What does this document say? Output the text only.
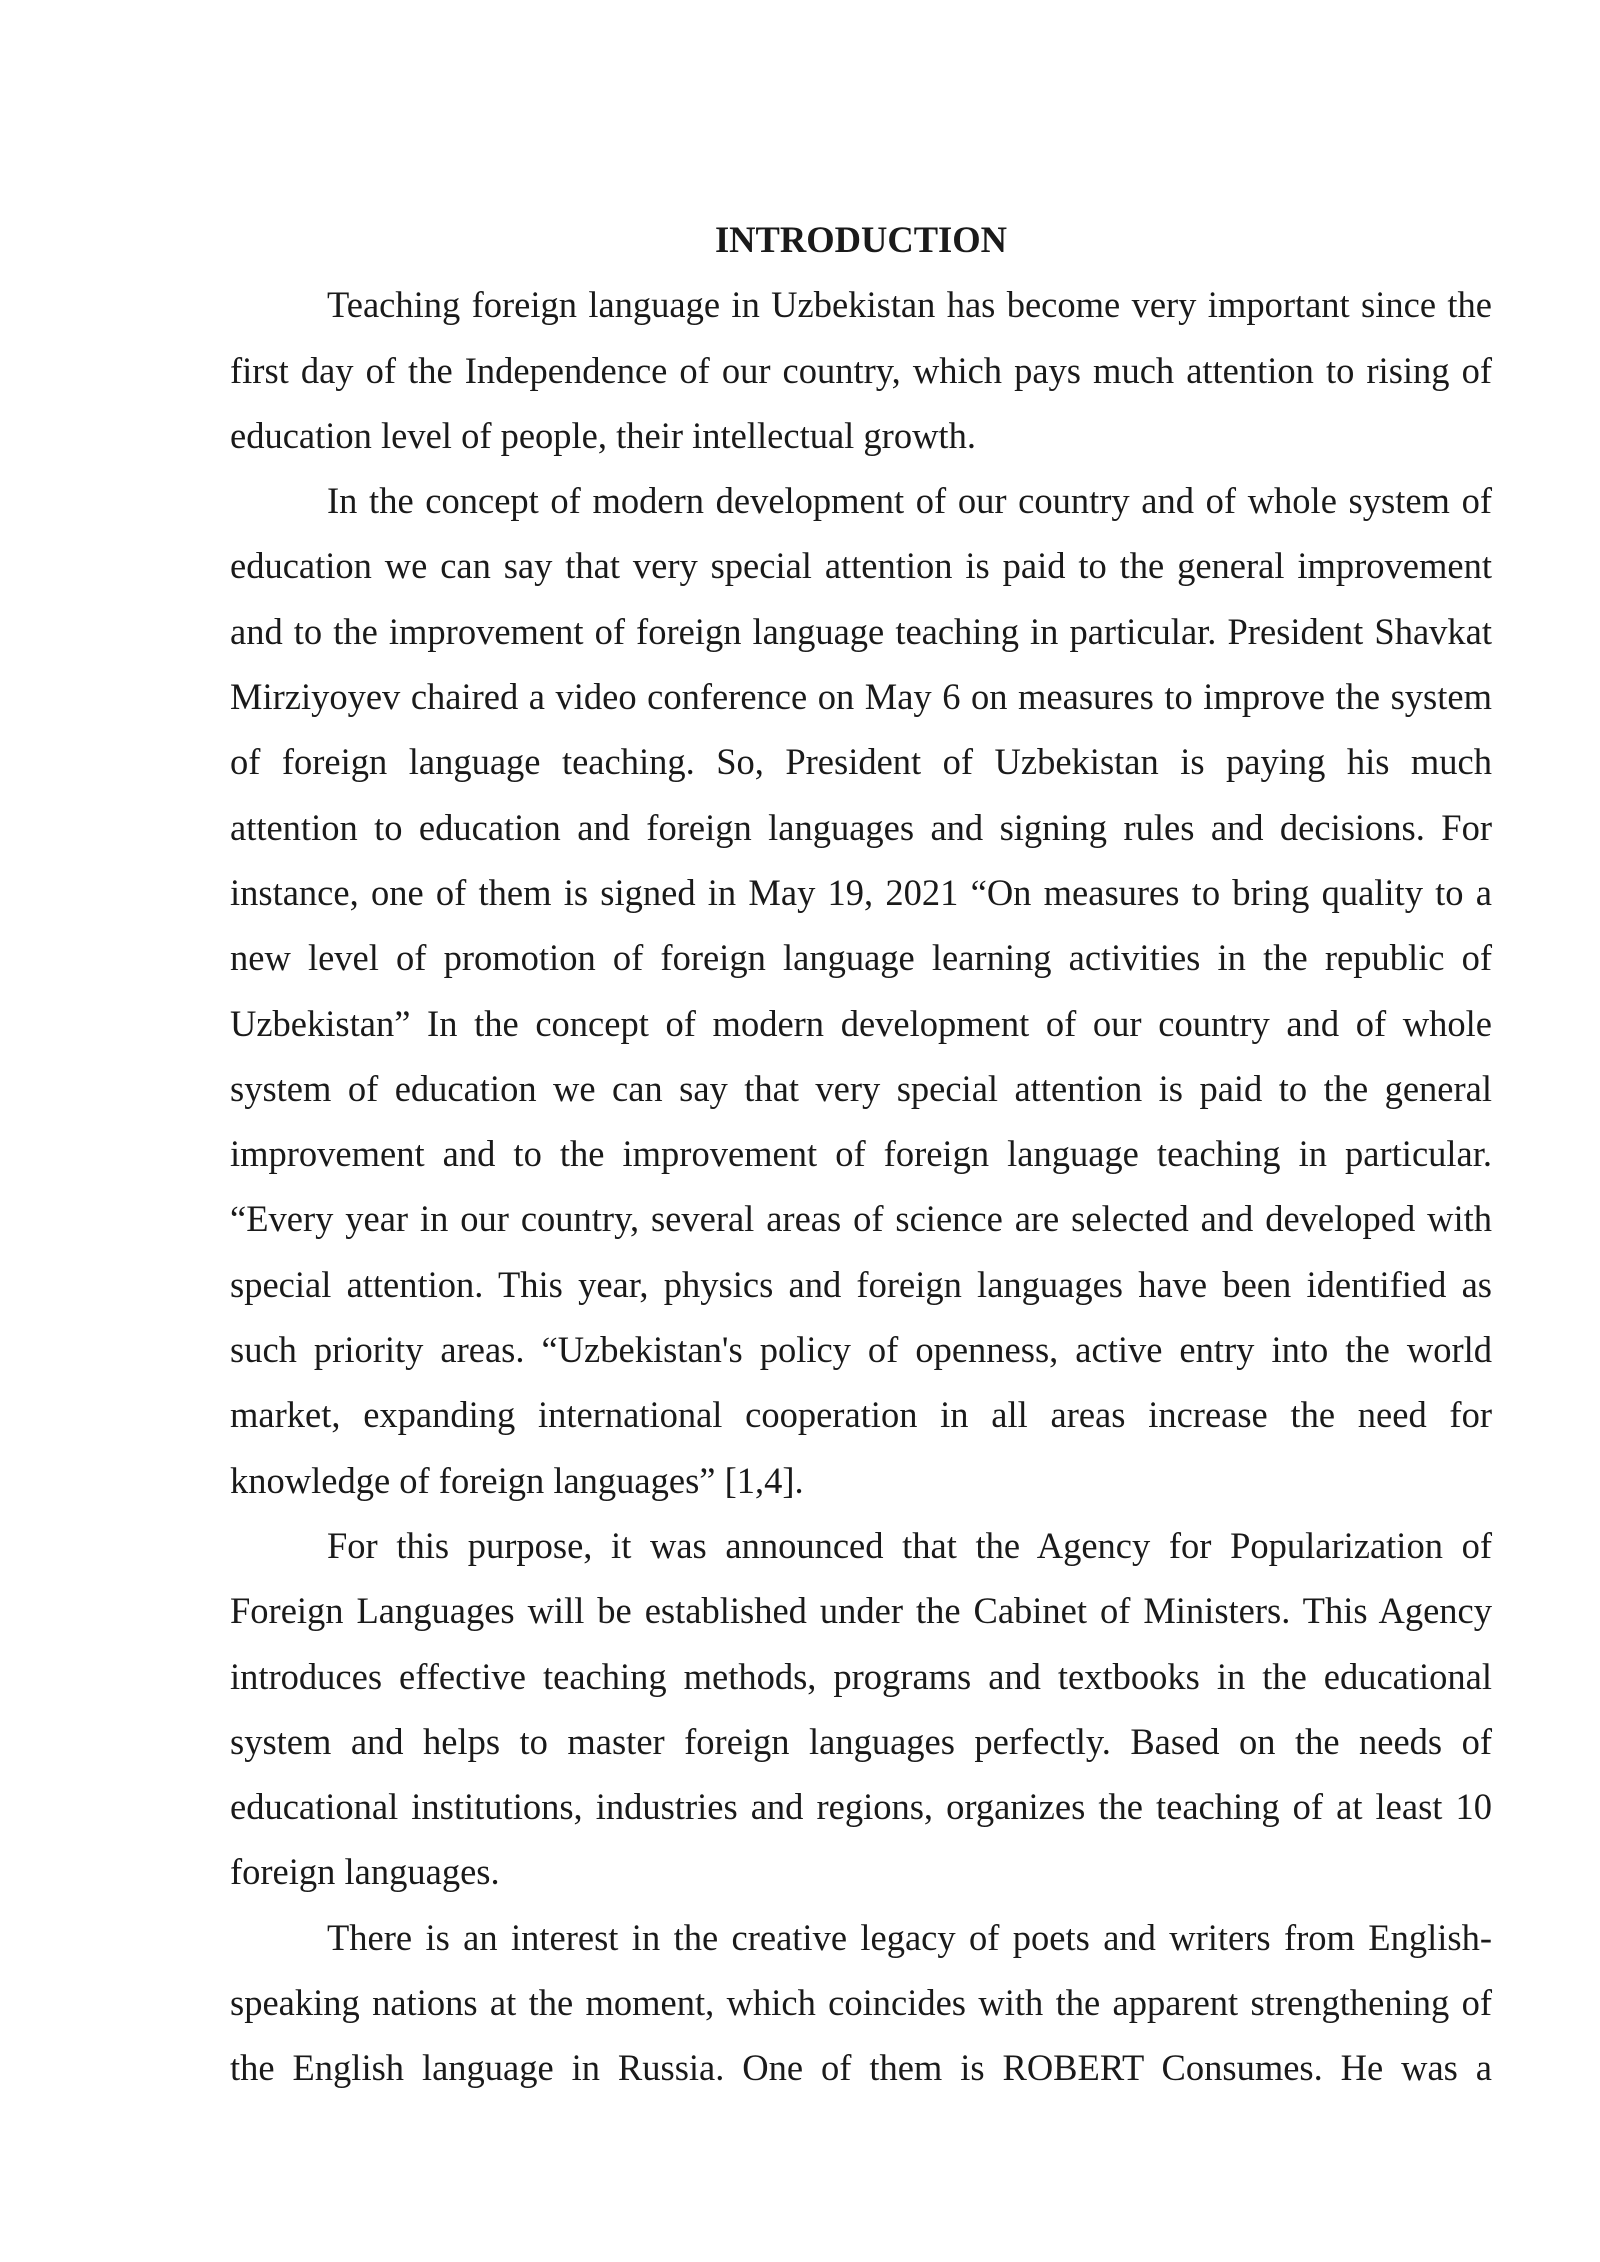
INTRODUCTION

Teaching foreign language in Uzbekistan has become very important since the first day of the Independence of our country, which pays much attention to rising of education level of people, their intellectual growth.

In the concept of modern development of our country and of whole system of education we can say that very special attention is paid to the general improvement and to the improvement of foreign language teaching in particular. President Shavkat Mirziyoyev chaired a video conference on May 6 on measures to improve the system of foreign language teaching. So, President of Uzbekistan is paying his much attention to education and foreign languages and signing rules and decisions. For instance, one of them is signed in May 19, 2021 “On measures to bring quality to a new level of promotion of foreign language learning activities in the republic of Uzbekistan” In the concept of modern development of our country and of whole system of education we can say that very special attention is paid to the general improvement and to the improvement of foreign language teaching in particular. “Every year in our country, several areas of science are selected and developed with special attention. This year, physics and foreign languages have been identified as such priority areas. “Uzbekistan's policy of openness, active entry into the world market, expanding international cooperation in all areas increase the need for knowledge of foreign languages” [1,4].

For this purpose, it was announced that the Agency for Popularization of Foreign Languages will be established under the Cabinet of Ministers. This Agency introduces effective teaching methods, programs and textbooks in the educational system and helps to master foreign languages perfectly. Based on the needs of educational institutions, industries and regions, organizes the teaching of at least 10 foreign languages.

There is an interest in the creative legacy of poets and writers from English-speaking nations at the moment, which coincides with the apparent strengthening of the English language in Russia. One of them is ROBERT Consumes. He was a
